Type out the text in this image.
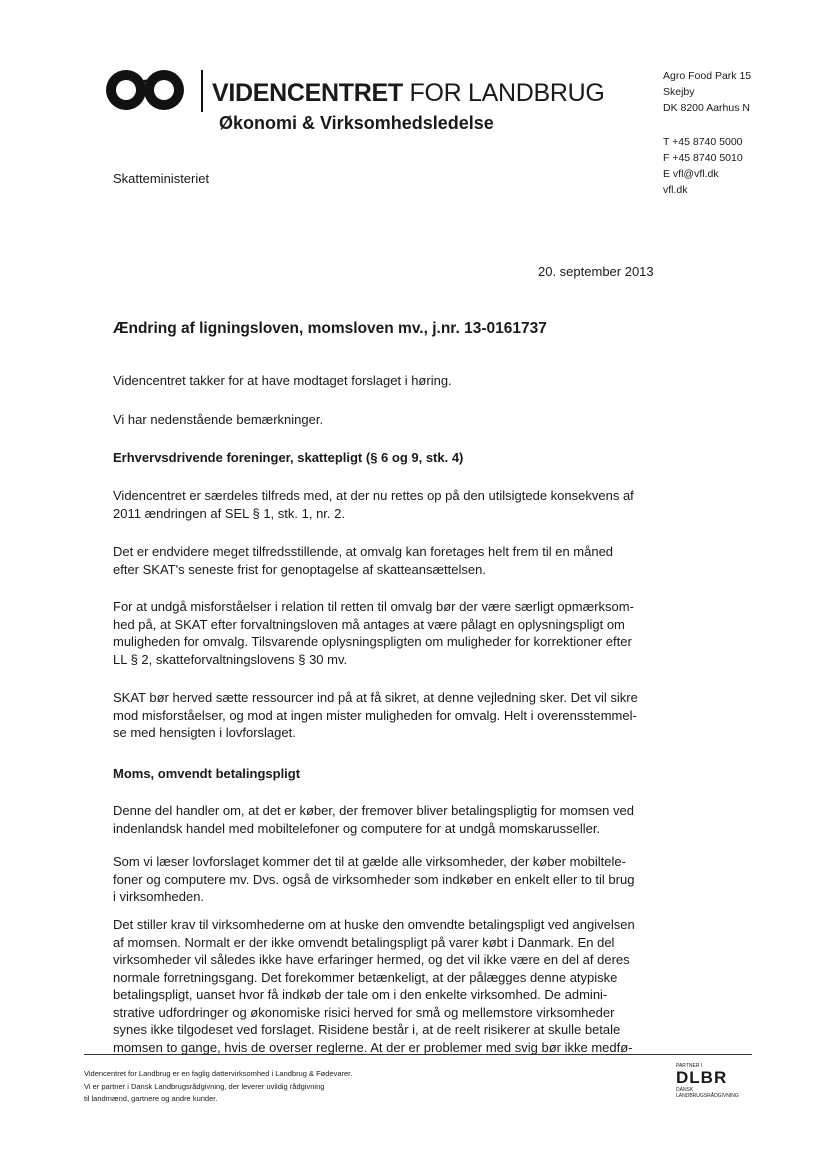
VIDENCENTRET FOR LANDBRUG
Økonomi & Virksomhedsledelse
Agro Food Park 15
Skejby
DK 8200 Aarhus N
T +45 8740 5000
F +45 8740 5010
E vfl@vfl.dk
vfl.dk
Skatteministeriet
20. september 2013
Ændring af ligningsloven, momsloven mv., j.nr. 13-0161737

Videncentret takker for at have modtaget forslaget i høring.

Vi har nedenstående bemærkninger.

Erhvervsdrivende foreninger, skattepligt (§ 6 og 9, stk. 4)

Videncentret er særdeles tilfreds med, at der nu rettes op på den utilsigtede konsekvens af
2011 ændringen af SEL § 1, stk. 1, nr. 2.

Det er endvidere meget tilfredsstillende, at omvalg kan foretages helt frem til en måned
efter SKAT's seneste frist for genoptagelse af skatteansættelsen.

For at undgå misforståelser i relation til retten til omvalg bør der være særligt opmærksom-
hed på, at SKAT efter forvaltningsloven må antages at være pålagt en oplysningspligt om
muligheden for omvalg. Tilsvarende oplysningspligten om muligheder for korrektioner efter
LL § 2, skatteforvaltningslovens § 30 mv.

SKAT bør herved sætte ressourcer ind på at få sikret, at denne vejledning sker. Det vil sikre
mod misforståelser, og mod at ingen mister muligheden for omvalg. Helt i overensstemmel-
se med hensigten i lovforslaget.

Moms, omvendt betalingspligt

Denne del handler om, at det er køber, der fremover bliver betalingspligtig for momsen ved
indenlandsk handel med mobiltelefoner og computere for at undgå momskarusseller.

Som vi læser lovforslaget kommer det til at gælde alle virksomheder, der køber mobiltele-
foner og computere mv. Dvs. også de virksomheder som indkøber en enkelt eller to til brug
i virksomheden.

Det stiller krav til virksomhederne om at huske den omvendte betalingspligt ved angivelsen
af momsen. Normalt er der ikke omvendt betalingspligt på varer købt i Danmark. En del
virksomheder vil således ikke have erfaringer hermed, og det vil ikke være en del af deres
normale forretningsgang. Det forekommer betænkeligt, at der pålægges denne atypiske
betalingspligt, uanset hvor få indkøb der tale om i den enkelte virksomhed. De admini-
strative udfordringer og økonomiske risici herved for små og mellemstore virksomheder
synes ikke tilgodeset ved forslaget. Risidene består i, at de reelt risikerer at skulle betale
momsen to gange, hvis de overser reglerne. At der er problemer med svig bør ikke medfø-

Videncentret for Landbrug er en faglig dattervirksomhed i Landbrug & Fødevarer.
Vi er partner i Dansk Landbrugsrådgivning, der leverer uvildig rådgivning
til landmænd, gartnere og andre kunder.
PARTNER I
DLBR
DANSK
LANDBRUGSRÅDGIVNING
